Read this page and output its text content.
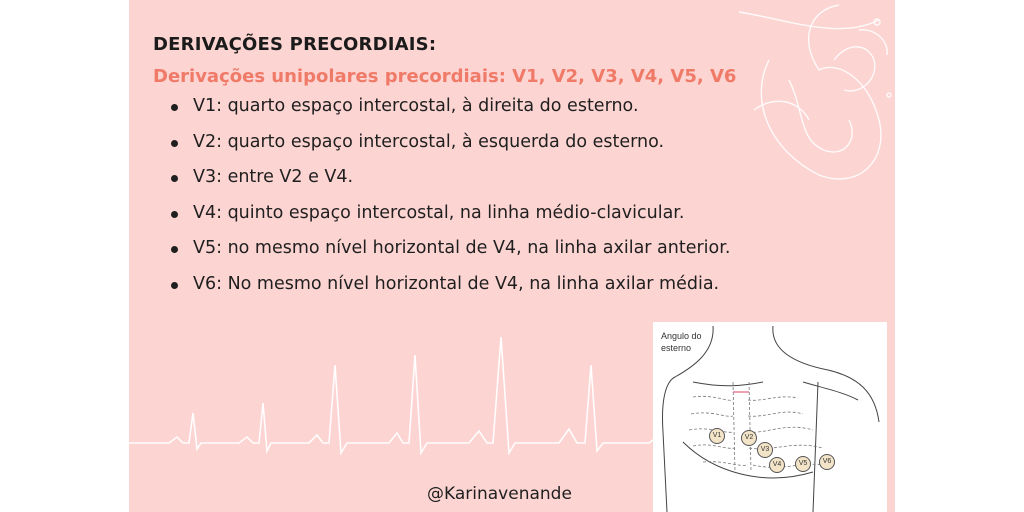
DERIVAÇÕES PRECORDIAIS:
Derivações unipolares precordiais: V1, V2, V3, V4, V5, V6
V1: quarto espaço intercostal, à direita do esterno.
V2: quarto espaço intercostal, à esquerda do esterno.
V3: entre V2 e V4.
V4: quinto espaço intercostal, na linha médio-clavicular.
V5: no mesmo nível horizontal de V4, na linha axilar anterior.
V6: No mesmo nível horizontal de V4, na linha axilar média.
@Karinavenande
Angulo do
esterno
V1	V2
V3
V4	V5	V6
